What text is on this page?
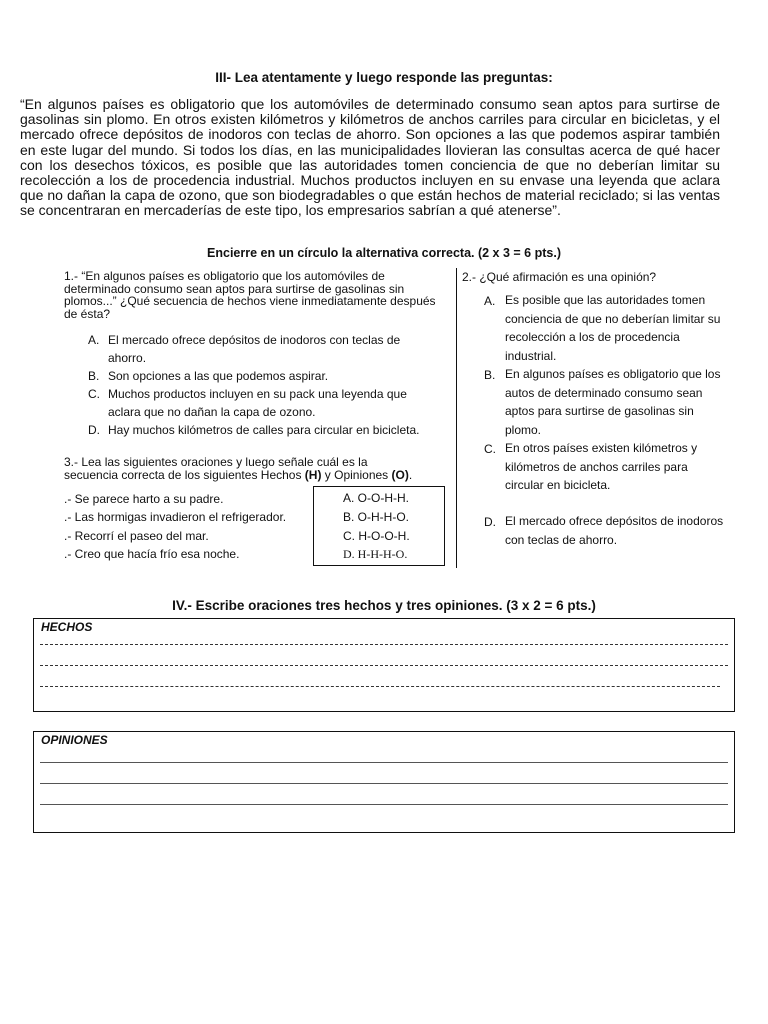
III- Lea atentamente y luego responde las preguntas:
“En algunos países es obligatorio que los automóviles de determinado consumo sean aptos para surtirse de gasolinas sin plomo. En otros existen kilómetros y kilómetros de anchos carriles para circular en bicicletas, y el mercado ofrece depósitos de inodoros con teclas de ahorro. Son opciones a las que podemos aspirar también en este lugar del mundo. Si todos los días, en las municipalidades llovieran las consultas acerca de qué hacer con los desechos tóxicos, es posible que las autoridades tomen conciencia de que no deberían limitar su recolección a los de procedencia industrial. Muchos productos incluyen en su envase una leyenda que aclara que no dañan la capa de ozono, que son biodegradables o que están hechos de material reciclado; si las ventas se concentraran en mercaderías de este tipo, los empresarios sabrían a qué atenerse”.
Encierre en un círculo la alternativa correcta. (2 x 3 = 6 pts.)
1.- “En algunos países es obligatorio que los automóviles de determinado consumo sean aptos para surtirse de gasolinas sin plomos...” ¿Qué secuencia de hechos viene inmediatamente después de ésta?
A. El mercado ofrece depósitos de inodoros con teclas de
ahorro.
B. Son opciones a las que podemos aspirar.
C. Muchos productos incluyen en su pack una leyenda que
aclara que no dañan la capa de ozono.
D. Hay muchos kilómetros de calles para circular en bicicleta.
3.- Lea las siguientes oraciones y luego señale cuál es la
secuencia correcta de los siguientes Hechos (H) y Opiniones (O).
.- Se parece harto a su padre.
.- Las hormigas invadieron el refrigerador.
.- Recorrí el paseo del mar.
.- Creo que hacía frío esa noche.
A. O-O-H-H.
B. O-H-H-O.
C. H-O-O-H.
D. H-H-H-O.
2.- ¿Qué afirmación es una opinión?
A. Es posible que las autoridades tomen conciencia de que no deberían limitar su recolección a los de procedencia industrial.
B. En algunos países es obligatorio que los autos de determinado consumo sean aptos para surtirse de gasolinas sin plomo.
C. En otros países existen kilómetros y kilómetros de anchos carriles para circular en bicicleta.
D. El mercado ofrece depósitos de inodoros con teclas de ahorro.
IV.- Escribe oraciones tres hechos y tres opiniones. (3 x 2 = 6 pts.)
HECHOS
OPINIONES
